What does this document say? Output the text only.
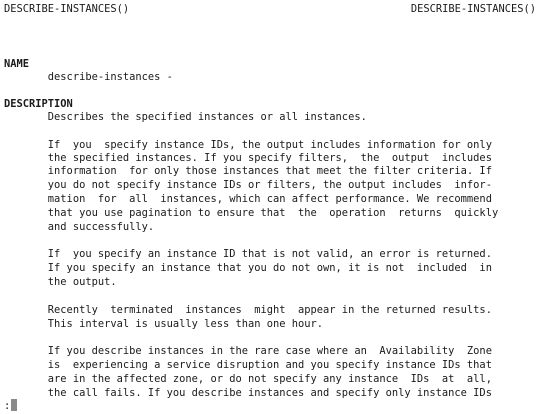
DESCRIBE-INSTANCES()	DESCRIBE-INSTANCES()
NAME
describe-instances -
DESCRIPTION
Describes the specified instances or all instances.
If  you  specify instance IDs, the output includes information for only
the specified instances. If you specify filters,  the  output  includes
information  for only those instances that meet the filter criteria. If
you do not specify instance IDs or filters, the output includes  infor-
mation  for  all  instances, which can affect performance. We recommend
that you use pagination to ensure that  the  operation  returns  quickly
and successfully.
If  you specify an instance ID that is not valid, an error is returned.
If you specify an instance that you do not own, it is not  included  in
the output.
Recently  terminated  instances  might  appear in the returned results.
This interval is usually less than one hour.
If you describe instances in the rare case where an  Availability  Zone
is  experiencing a service disruption and you specify instance IDs that
are in the affected zone, or do not specify any instance  IDs  at  all,
the call fails. If you describe instances and specify only instance IDs
:
